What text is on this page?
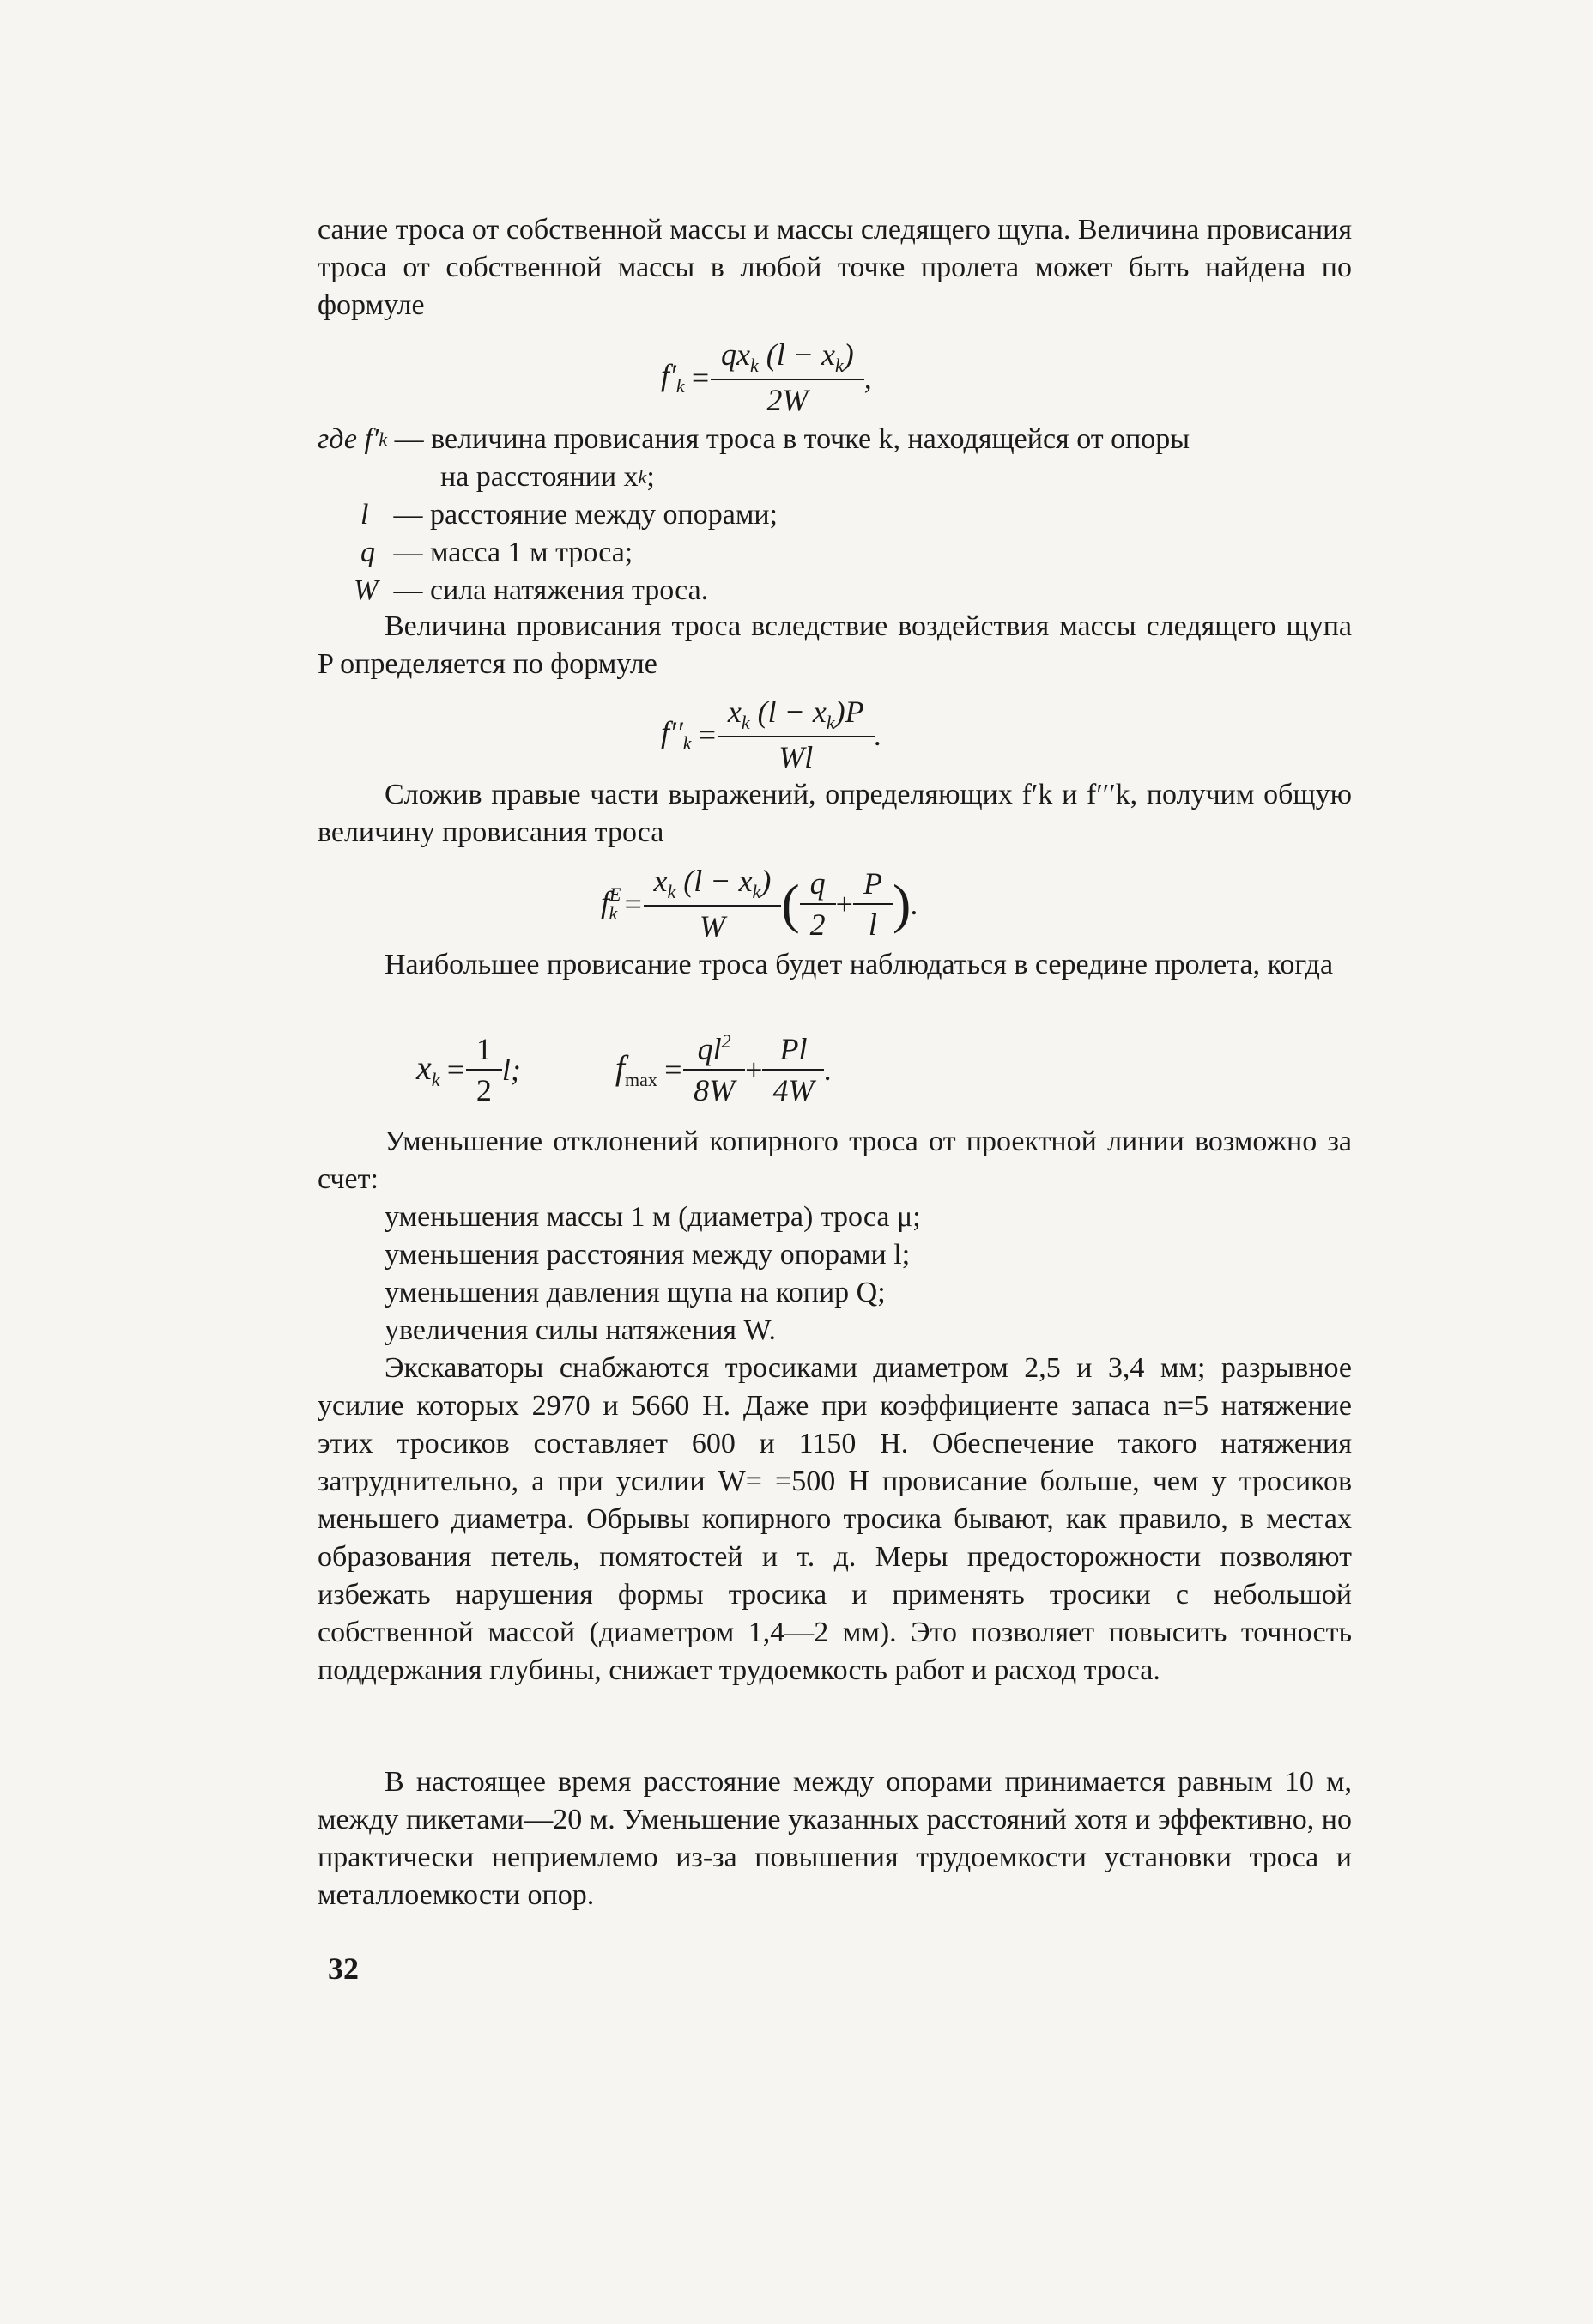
сание троса от собственной массы и массы следящего щупа. Величина провисания троса от собственной массы в любой точке пролета может быть найдена по формуле

$f'_k = \frac{qx_k (l - x_k)}{2W}$ ,
где f′ k
— величина провисания троса в точке k, находящейся от опоры
на расстоянии x k ;
l
— расстояние между опорами;
q
— масса 1 м троса;
W
— сила натяжения троса.

Величина провисания троса вследствие воздействия массы следящего щупа P определяется по формуле

$f''_k = \frac{x_k (l - x_k)P}{Wl}$ .

Сложив правые части выражений, определяющих f′k и f′′′k, получим общую величину провисания троса

$f^E_k = \frac{x_k (l - x_k)}{W}$ ( $\frac{q}{2} + \frac{P}{l}$ ) .

Наибольшее провисание троса будет наблюдаться в середине пролета, когда

$x_k = \frac{1}{2} l$;	$f_{max} = \frac{ql^2}{8W} + \frac{Pl}{4W}$ .

Уменьшение отклонений копирного троса от проектной линии возможно за счет:

уменьшения массы 1 м (диаметра) троса μ;
уменьшения расстояния между опорами l;
уменьшения давления щупа на копир Q;
увеличения силы натяжения W.

Экскаваторы снабжаются тросиками диаметром 2,5 и 3,4 мм; разрывное усилие которых 2970 и 5660 Н. Даже при коэффициенте запаса n=5 натяжение этих тросиков составляет 600 и 1150 Н. Обеспечение такого натяжения затруднительно, а при усилии W= =500 Н провисание больше, чем у тросиков меньшего диаметра. Обрывы копирного тросика бывают, как правило, в местах образования петель, помятостей и т. д. Меры предосторожности позволяют избежать нарушения формы тросика и применять тросики с небольшой собственной массой (диаметром 1,4—2 мм). Это позволяет повысить точность поддержания глубины, снижает трудоемкость работ и расход троса.

В настоящее время расстояние между опорами принимается равным 10 м, между пикетами—20 м. Уменьшение указанных расстояний хотя и эффективно, но практически неприемлемо из-за повышения трудоемкости установки троса и металлоемкости опор.

32
